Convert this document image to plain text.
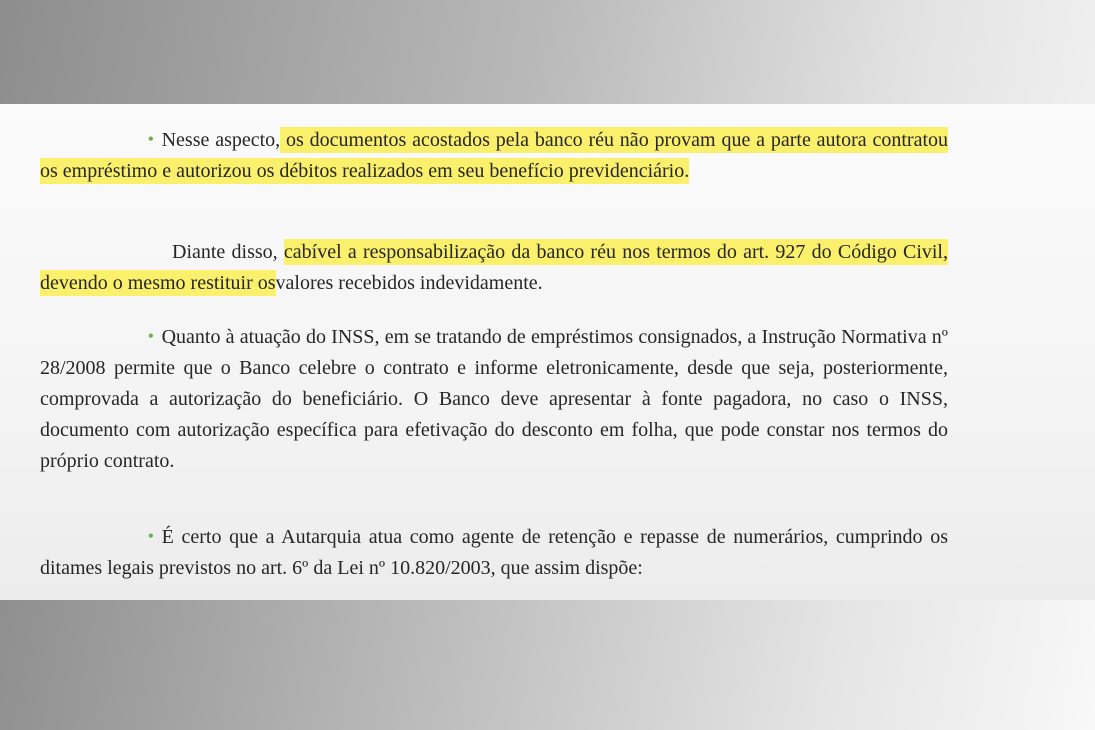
• Nesse aspecto, os documentos acostados pela banco réu não provam que a parte autora contratou os empréstimo e autorizou os débitos realizados em seu benefício previdenciário.

Diante disso, cabível a responsabilização da banco réu nos termos do art. 927 do Código Civil, devendo o mesmo restituir osvalores recebidos indevidamente.

• Quanto à atuação do INSS, em se tratando de empréstimos consignados, a Instrução Normativa nº 28/2008 permite que o Banco celebre o contrato e informe eletronicamente, desde que seja, posteriormente, comprovada a autorização do beneficiário. O Banco deve apresentar à fonte pagadora, no caso o INSS, documento com autorização específica para efetivação do desconto em folha, que pode constar nos termos do próprio contrato.

• É certo que a Autarquia atua como agente de retenção e repasse de numerários, cumprindo os ditames legais previstos no art. 6º da Lei nº 10.820/2003, que assim dispõe:
